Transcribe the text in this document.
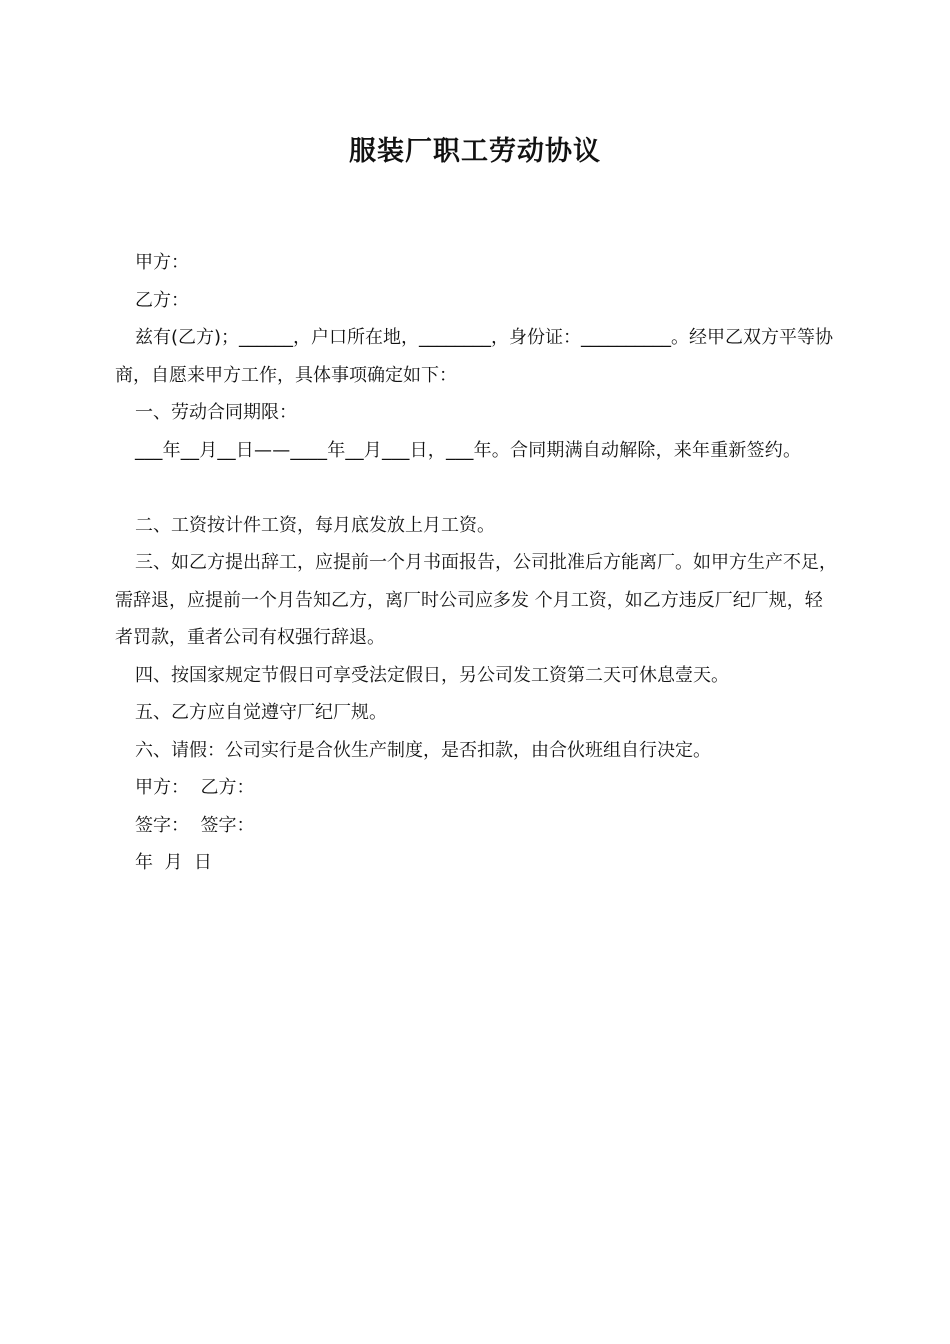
服装厂职工劳动协议

甲方：

乙方：

兹有(乙方)；______，户口所在地，________，身份证：__________。经甲乙双方平等协商，自愿来甲方工作，具体事项确定如下：

一、劳动合同期限：

___年__月__日——____年__月___日，___年。合同期满自动解除，来年重新签约。

二、工资按计件工资，每月底发放上月工资。

三、如乙方提出辞工，应提前一个月书面报告，公司批准后方能离厂。如甲方生产不足，需辞退，应提前一个月告知乙方，离厂时公司应多发 个月工资，如乙方违反厂纪厂规，轻者罚款，重者公司有权强行辞退。

四、按国家规定节假日可享受法定假日，另公司发工资第二天可休息壹天。

五、乙方应自觉遵守厂纪厂规。

六、请假：公司实行是合伙生产制度，是否扣款，由合伙班组自行决定。

甲方：  乙方：

签字：  签字：

年  月  日
